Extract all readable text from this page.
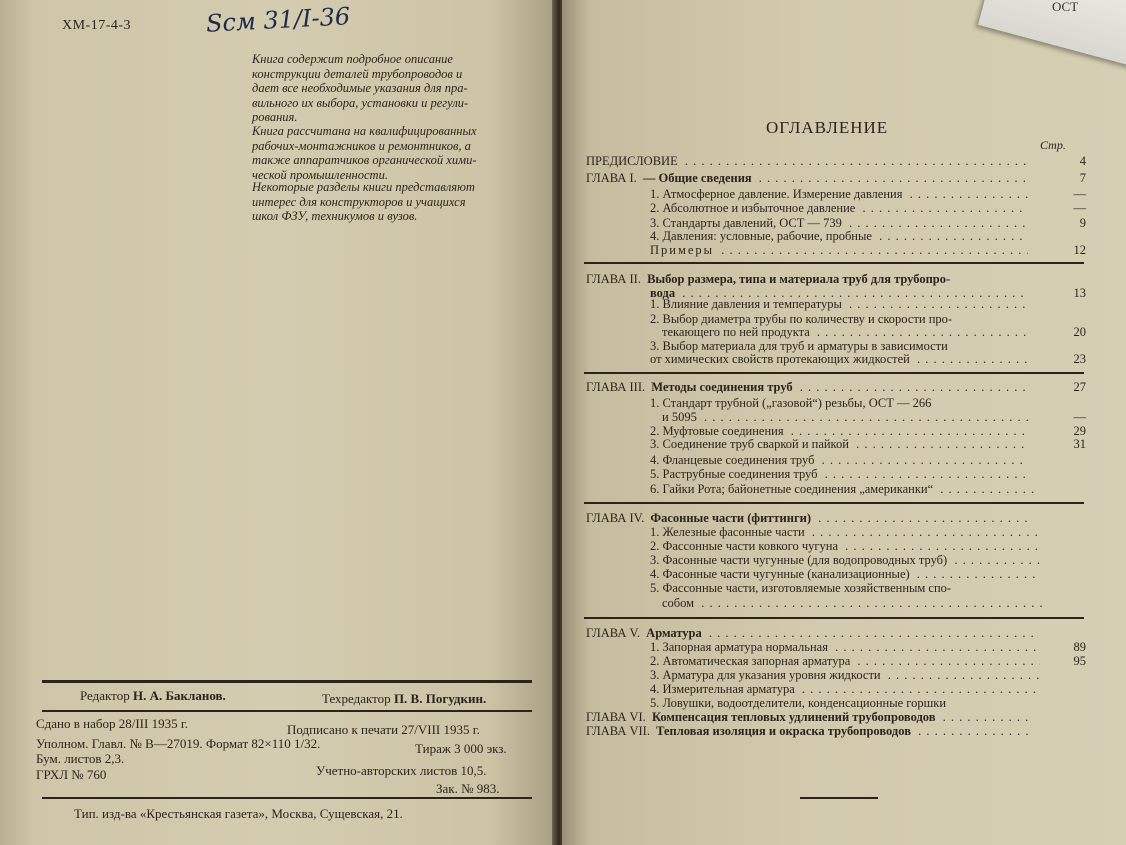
ХМ-17-4-3	Sсм 31/I-36
Книга содержит подробное описание
конструкции деталей трубопроводов и
дает все необходимые указания для пра-
вильного их выбора, установки и регули-
рования.
Книга рассчитана на квалифицированных
рабочих-монтажников и ремонтников, а
также аппаратчиков органической хими-
ческой промышленности.
Некоторые разделы книги представляют
интерес для конструкторов и учащихся
школ ФЗУ, техникумов и вузов.
Редактор Н. А. Бакланов.	Техредактор П. В. Погудкин.
Сдано в набор 28/III 1935 г.	Подписано к печати 27/VIII 1935 г.
Уполном. Главл. № В—27019. Формат 82×110 1/32.	Тираж 3 000 экз.
Бум. листов 2,3.
ГРХЛ № 760	Учетно-авторских листов 10,5.
Зак. № 983.
Тип. изд-ва «Крестьянская газета», Москва, Сущевская, 21.
ОСТ
ОГЛАВЛЕНИЕ
Стр.
ПРЕДИСЛОВИЕ . . .	4
ГЛАВА I. — Общие сведения . . .	7
1. Атмосферное давление. Измерение давления . . .	—
2. Абсолютное и избыточное давление . . .	—
3. Стандарты давлений, ОСТ — 739 . . .	9
4. Давления: условные, рабочие, пробные . . .
Примеры . . .	12
ГЛАВА II. Выбор размера, типа и материала труб для трубопро-
вода . . .	13
1. Влияние давления и температуры . . .
2. Выбор диаметра трубы по количеству и скорости про-
текающего по ней продукта . . .	20
3. Выбор материала для труб и арматуры в зависимости
от химических свойств протекающих жидкостей . . .	23
ГЛАВА III. Методы соединения труб . . .	27
1. Стандарт трубной („газовой“) резьбы, ОСТ — 266
и 5095 . . .	—
2. Муфтовые соединения . . .	29
3. Соединение труб сваркой и пайкой . . .	31
4. Фланцевые соединения труб . . .
5. Раструбные соединения труб . . .
6. Гайки Рота; байонетные соединения „американки“ . . .
ГЛАВА IV. Фасонные части (фиттинги) . . .
1. Железные фасонные части . . .
2. Фассонные части ковкого чугуна . . .
3. Фасонные части чугунные (для водопроводных труб) . . .
4. Фасонные части чугунные (канализационные) . . .
5. Фассонные части, изготовляемые хозяйственным спо-
собом . . .
ГЛАВА V. Арматура . . .
1. Запорная арматура нормальная . . .	89
2. Автоматическая запорная арматура . . .	95
3. Арматура для указания уровня жидкости . . .
4. Измерительная арматура . . .
5. Ловушки, водоотделители, конденсационные горшки
ГЛАВА VI. Компенсация тепловых удлинений трубопроводов . . .
ГЛАВА VII. Тепловая изоляция и окраска трубопроводов . . .
